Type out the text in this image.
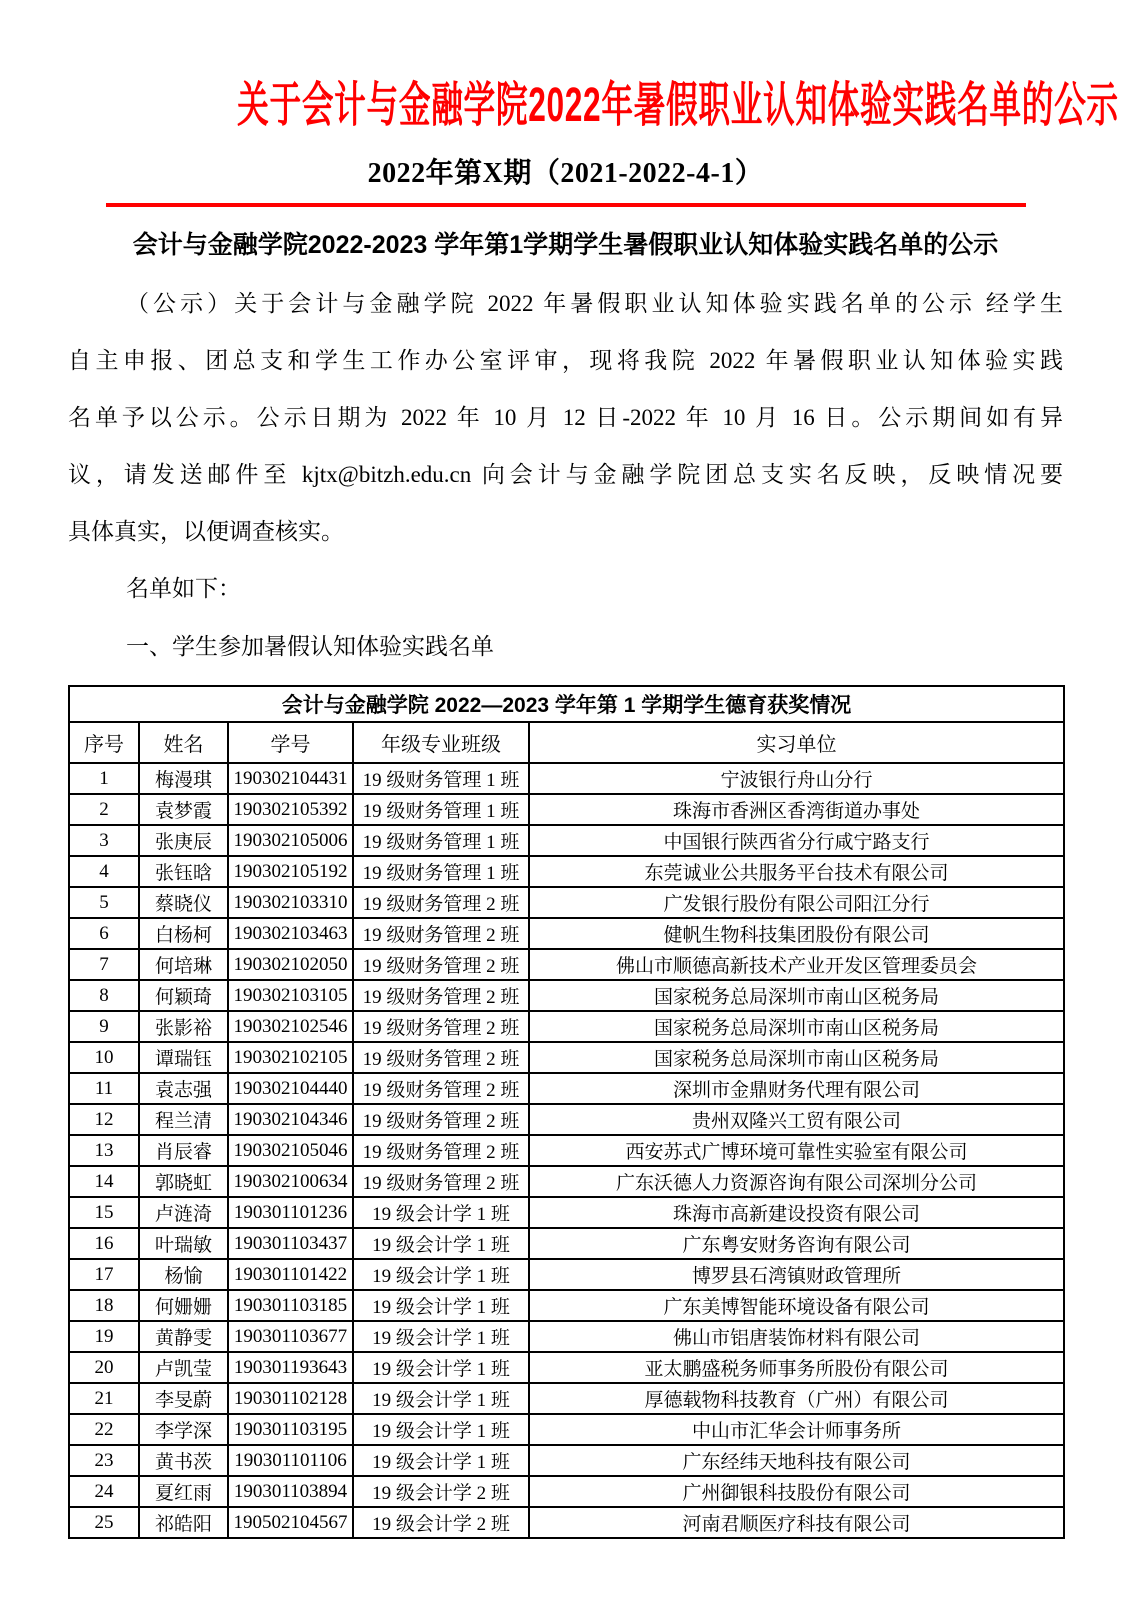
关于会计与金融学院2022年暑假职业认知体验实践名单的公示
2022年第X期（2021-2022-4-1）
会计与金融学院2022-2023 学年第1学期学生暑假职业认知体验实践名单的公示
（公示）关于会计与金融学院 2022 年暑假职业认知体验实践名单的公示 经学生
自主申报、团总支和学生工作办公室评审，现将我院 2022 年暑假职业认知体验实践
名单予以公示。公示日期为 2022 年 10 月 12 日-2022 年 10 月 16 日。公示期间如有异
议，请发送邮件至 kjtx@bitzh.edu.cn 向会计与金融学院团总支实名反映，反映情况要
具体真实，以便调查核实。
名单如下：
一、学生参加暑假认知体验实践名单
会计与金融学院 2022—2023 学年第 1 学期学生德育获奖情况				
序号	姓名	学号	年级专业班级	实习单位
1	梅漫琪	190302104431	19 级财务管理 1 班	宁波银行舟山分行
2	袁梦霞	190302105392	19 级财务管理 1 班	珠海市香洲区香湾街道办事处
3	张庚辰	190302105006	19 级财务管理 1 班	中国银行陕西省分行咸宁路支行
4	张钰晗	190302105192	19 级财务管理 1 班	东莞诚业公共服务平台技术有限公司
5	蔡晓仪	190302103310	19 级财务管理 2 班	广发银行股份有限公司阳江分行
6	白杨柯	190302103463	19 级财务管理 2 班	健帆生物科技集团股份有限公司
7	何培琳	190302102050	19 级财务管理 2 班	佛山市顺德高新技术产业开发区管理委员会
8	何颖琦	190302103105	19 级财务管理 2 班	国家税务总局深圳市南山区税务局
9	张影裕	190302102546	19 级财务管理 2 班	国家税务总局深圳市南山区税务局
10	谭瑞钰	190302102105	19 级财务管理 2 班	国家税务总局深圳市南山区税务局
11	袁志强	190302104440	19 级财务管理 2 班	深圳市金鼎财务代理有限公司
12	程兰清	190302104346	19 级财务管理 2 班	贵州双隆兴工贸有限公司
13	肖辰睿	190302105046	19 级财务管理 2 班	西安苏式广博环境可靠性实验室有限公司
14	郭晓虹	190302100634	19 级财务管理 2 班	广东沃德人力资源咨询有限公司深圳分公司
15	卢涟渏	190301101236	19 级会计学 1 班	珠海市高新建设投资有限公司
16	叶瑞敏	190301103437	19 级会计学 1 班	广东粤安财务咨询有限公司
17	杨愉	190301101422	19 级会计学 1 班	博罗县石湾镇财政管理所
18	何姗姗	190301103185	19 级会计学 1 班	广东美博智能环境设备有限公司
19	黄静雯	190301103677	19 级会计学 1 班	佛山市铝唐装饰材料有限公司
20	卢凯莹	190301193643	19 级会计学 1 班	亚太鹏盛税务师事务所股份有限公司
21	李旻蔚	190301102128	19 级会计学 1 班	厚德载物科技教育（广州）有限公司
22	李学深	190301103195	19 级会计学 1 班	中山市汇华会计师事务所
23	黄书茨	190301101106	19 级会计学 1 班	广东经纬天地科技有限公司
24	夏红雨	190301103894	19 级会计学 2 班	广州御银科技股份有限公司
25	祁皓阳	190502104567	19 级会计学 2 班	河南君顺医疗科技有限公司
